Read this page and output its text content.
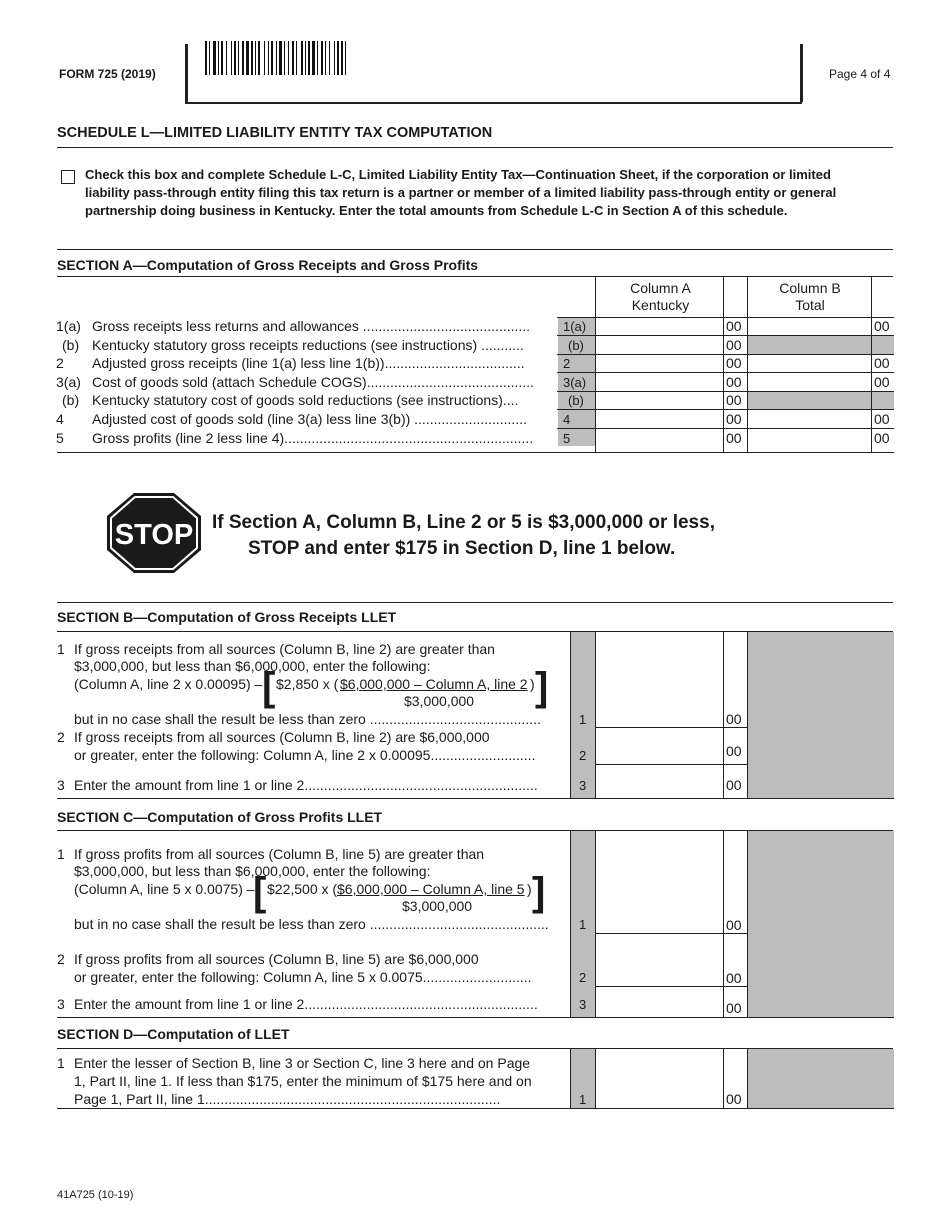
FORM 725 (2019)	Page 4 of 4
SCHEDULE L—LIMITED LIABILITY ENTITY TAX COMPUTATION
Check this box and complete Schedule L-C, Limited Liability Entity Tax—Continuation Sheet, if the corporation or limited
liability pass-through entity filing this tax return is a partner or member of a limited liability pass-through entity or general
partnership doing business in Kentucky. Enter the total amounts from Schedule L-C in Section A of this schedule.
SECTION A—Computation of Gross Receipts and Gross Profits
Column A
Kentucky
Column B
Total
1(a) Gross receipts less returns and allowances ...........................................	1(a)	00	00
(b) Kentucky statutory gross receipts reductions (see instructions) ...........	(b)	00
2 Adjusted gross receipts (line 1(a) less line 1(b))....................................	2	00	00
3(a) Cost of goods sold (attach Schedule COGS)........................................... 3(a)	00	00
(b) Kentucky statutory cost of goods sold reductions (see instructions)....	(b)	00
4 Adjusted cost of goods sold (line 3(a) less line 3(b)) .............................	4	00	00
5 Gross profits (line 2 less line 4)................................................................ 5	00	00
STOP If Section A, Column B, Line 2 or 5 is $3,000,000 or less,
STOP and enter $175 in Section D, line 1 below.
SECTION B—Computation of Gross Receipts LLET
1 If gross receipts from all sources (Column B, line 2) are greater than
$3,000,000, but less than $6,000,000, enter the following:
(Column A, line 2 x 0.00095) – [ $2,850 x ( $6,000,000 – Column A, line 2 ) ]
$3,000,000
but in no case shall the result be less than zero ............................................	1	00
2 If gross receipts from all sources (Column B, line 2) are $6,000,000
or greater, enter the following: Column A, line 2 x 0.00095...........................	2	00
3 Enter the amount from line 1 or line 2............................................................	3	00
SECTION C—Computation of Gross Profits LLET
1 If gross profits from all sources (Column B, line 5) are greater than
$3,000,000, but less than $6,000,000, enter the following:
(Column A, line 5 x 0.0075) –
[ $22,500 x ( $6,000,000 – Column A, line 5 ) ]
$3,000,000
but in no case shall the result be less than zero .............................................. 1	00
2 If gross profits from all sources (Column B, line 5) are $6,000,000
or greater, enter the following: Column A, line 5 x 0.0075............................	2	00
3 Enter the amount from line 1 or line 2............................................................	3	00
SECTION D—Computation of LLET
1 Enter the lesser of Section B, line 3 or Section C, line 3 here and on Page
1, Part II, line 1. If less than $175, enter the minimum of $175 here and on
Page 1, Part II, line 1............................................................................	1	00
41A725 (10-19)
